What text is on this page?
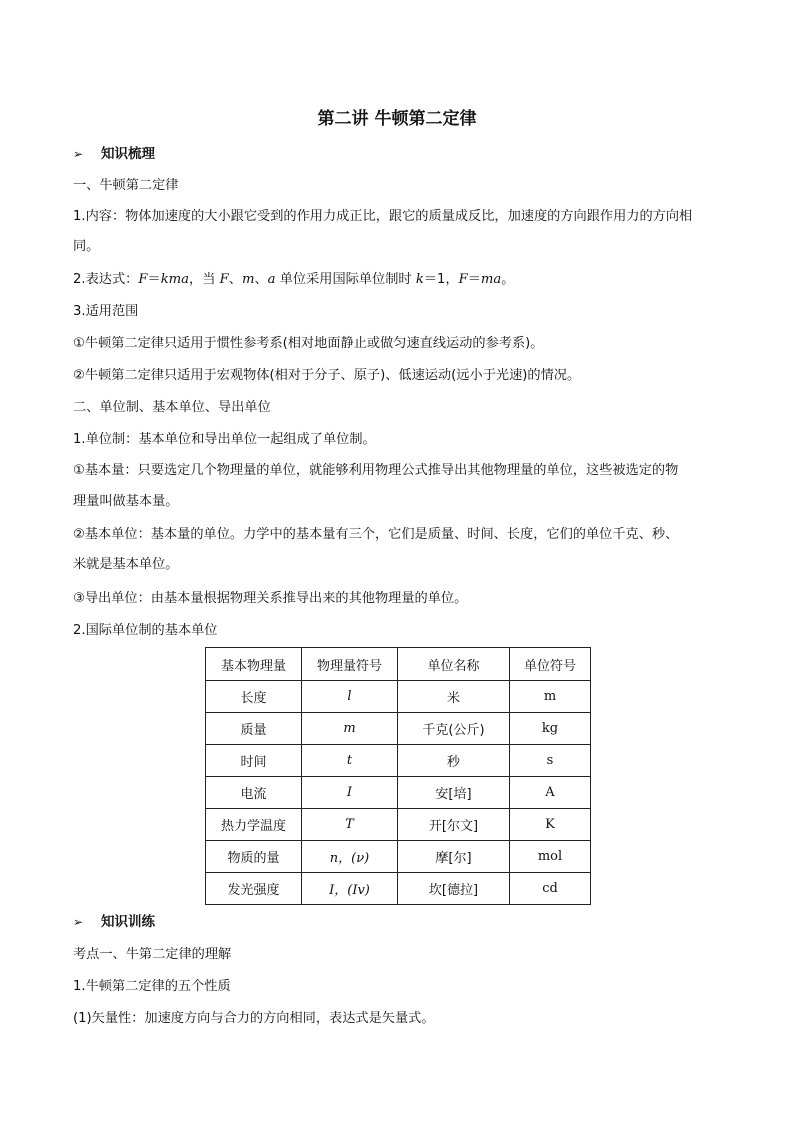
第二讲 牛顿第二定律
➢ 知识梳理
一、牛顿第二定律
1.内容：物体加速度的大小跟它受到的作用力成正比，跟它的质量成反比，加速度的方向跟作用力的方向相
同。
2.表达式：F＝kma，当 F、m、a 单位采用国际单位制时 k＝1，F＝ma。
3.适用范围
①牛顿第二定律只适用于惯性参考系(相对地面静止或做匀速直线运动的参考系)。
②牛顿第二定律只适用于宏观物体(相对于分子、原子)、低速运动(远小于光速)的情况。
二、单位制、基本单位、导出单位
1.单位制：基本单位和导出单位一起组成了单位制。
①基本量：只要选定几个物理量的单位，就能够利用物理公式推导出其他物理量的单位，这些被选定的物
理量叫做基本量。
②基本单位：基本量的单位。力学中的基本量有三个，它们是质量、时间、长度，它们的单位千克、秒、
米就是基本单位。
③导出单位：由基本量根据物理关系推导出来的其他物理量的单位。
2.国际单位制的基本单位
基本物理量	物理量符号	单位名称	单位符号
长度	l	米	m
质量	m	千克(公斤)	kg
时间	t	秒	s
电流	I	安[培]	A
热力学温度	T	开[尔文]	K
物质的量	n，(ν)	摩[尔]	mol
发光强度	I，(Iv)	坎[德拉]	cd
➢ 知识训练
考点一、牛第二定律的理解
1.牛顿第二定律的五个性质
(1)矢量性：加速度方向与合力的方向相同，表达式是矢量式。
